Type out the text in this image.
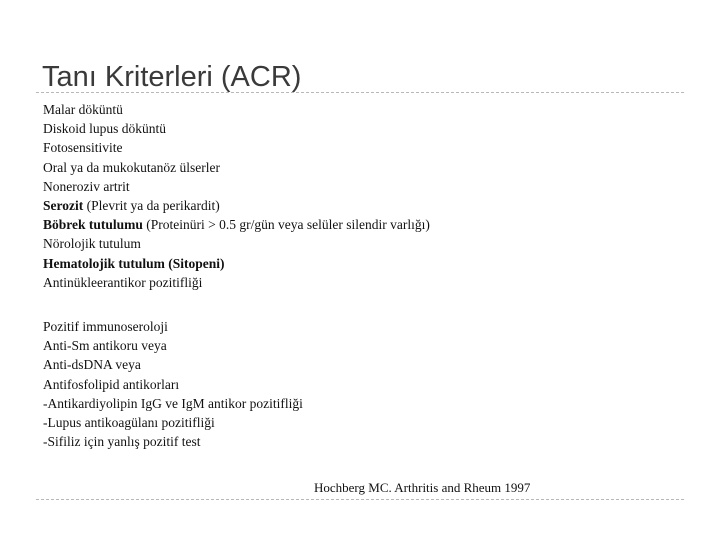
Tanı Kriterleri (ACR)
Malar döküntü
Diskoid lupus döküntü
Fotosensitivite
Oral ya da mukokutanöz ülserler
Noneroziv artrit
Serozit (Plevrit ya da perikardit)
Böbrek tutulumu (Proteinüri > 0.5 gr/gün veya selüler silendir varlığı)
Nörolojik tutulum
Hematolojik tutulum (Sitopeni)
Antinükleerantikor pozitifliği
Pozitif immunoseroloji
Anti-Sm antikoru veya
Anti-dsDNA veya
Antifosfolipid antikorları
-Antikardiyolipin IgG ve IgM antikor pozitifliği
-Lupus antikoagülanı pozitifliği
-Sifiliz için yanlış pozitif test
Hochberg MC. Arthritis and Rheum 1997
